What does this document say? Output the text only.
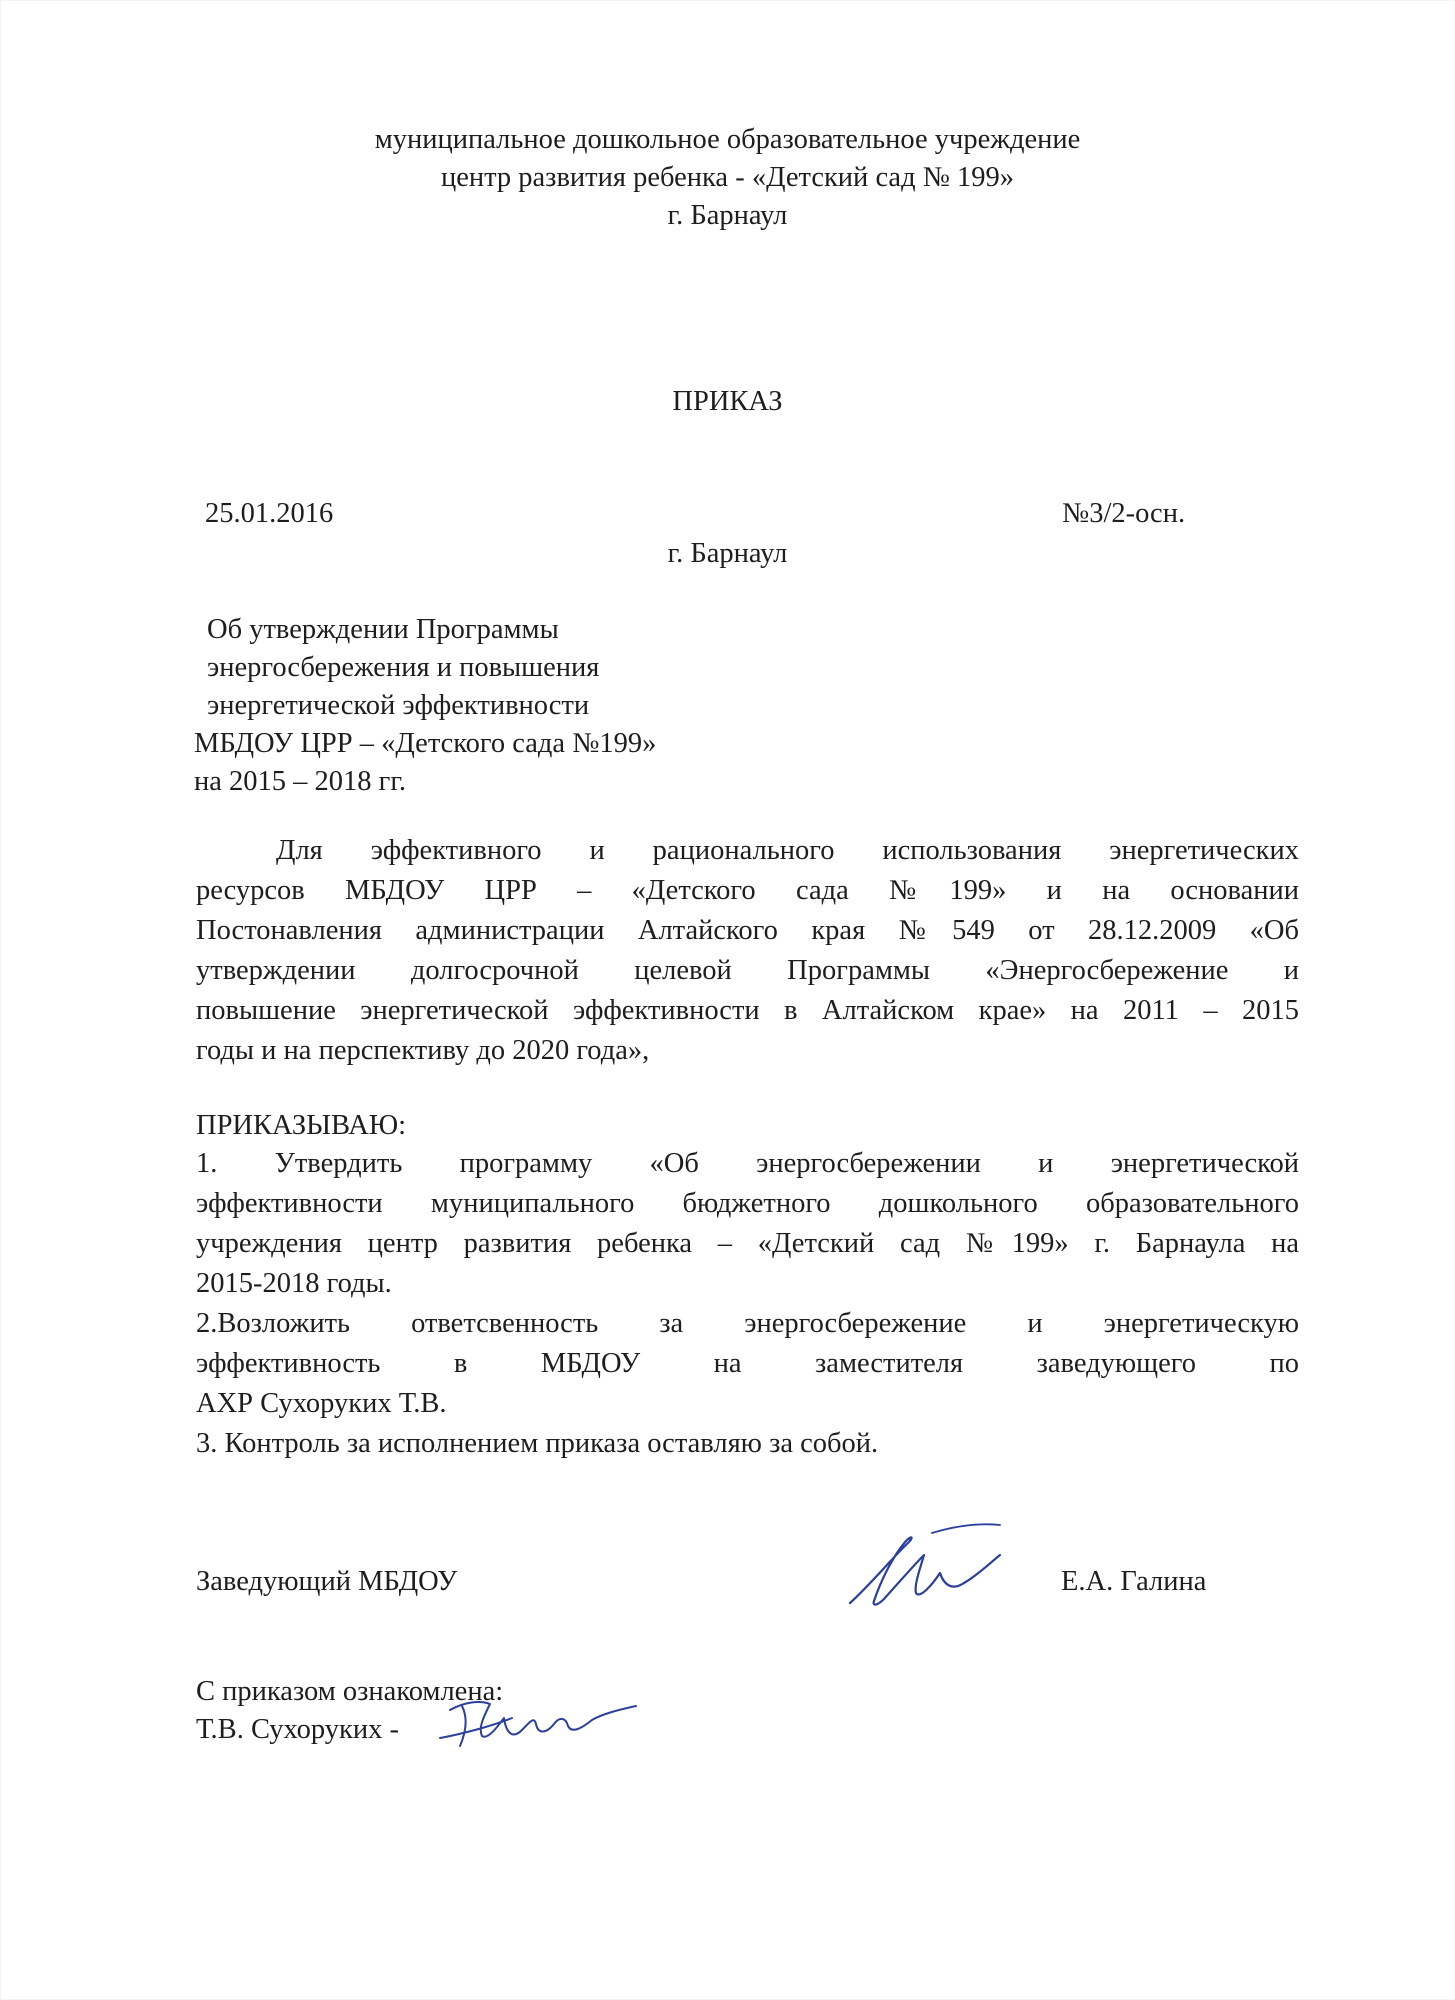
муниципальное дошкольное образовательное учреждение
центр развития ребенка - «Детский сад № 199»
г. Барнаул
ПРИКАЗ
25.01.2016	№3/2-осн.
г. Барнаул
Об утверждении Программы
энергосбережения и повышения
энергетической эффективности
МБДОУ ЦРР – «Детского сада №199»
на 2015 – 2018 гг.
Для эффективного и рационального использования энергетических
ресурсов МБДОУ ЦРР – «Детского сада №199» и на основании
Постонавления администрации Алтайского края №549 от 28.12.2009 «Об
утверждении долгосрочной целевой Программы «Энергосбережение и
повышение энергетической эффективности в Алтайском крае» на 2011 – 2015
годы и на перспективу до 2020 года»,
ПРИКАЗЫВАЮ:
1. Утвердить программу «Об энергосбережении и энергетической
эффективности муниципального бюджетного дошкольного образовательного
учреждения центр развития ребенка – «Детский сад №199» г. Барнаула на
2015-2018 годы.
2.Возложить ответсвенность за энергосбережение и энергетическую
эффективность в МБДОУ на заместителя заведующего по
АХР Сухоруких Т.В.
3. Контроль за исполнением приказа оставляю за собой.
Заведующий МБДОУ	Е.А. Галина
С приказом ознакомлена:
Т.В. Сухоруких -
